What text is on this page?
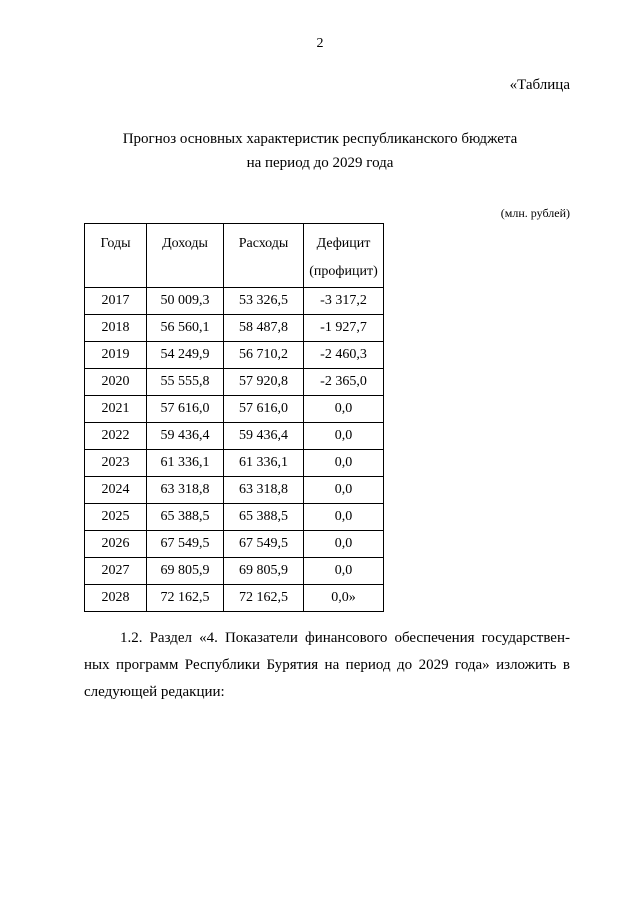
2
«Таблица
Прогноз основных характеристик республиканского бюджета
на период до 2029 года
(млн. рублей)
Годы	Доходы	Расходы	Дефицит
(профицит)

2017	50 009,3	53 326,5	-3 317,2
2018	56 560,1	58 487,8	-1 927,7
2019	54 249,9	56 710,2	-2 460,3
2020	55 555,8	57 920,8	-2 365,0
2021	57 616,0	57 616,0	0,0
2022	59 436,4	59 436,4	0,0
2023	61 336,1	61 336,1	0,0
2024	63 318,8	63 318,8	0,0
2025	65 388,5	65 388,5	0,0
2026	67 549,5	67 549,5	0,0
2027	69 805,9	69 805,9	0,0
2028	72 162,5	72 162,5	0,0»
1.2. Раздел «4. Показатели финансового обеспечения государствен-
ных программ Республики Бурятия на период до 2029 года» изложить в
следующей редакции:
